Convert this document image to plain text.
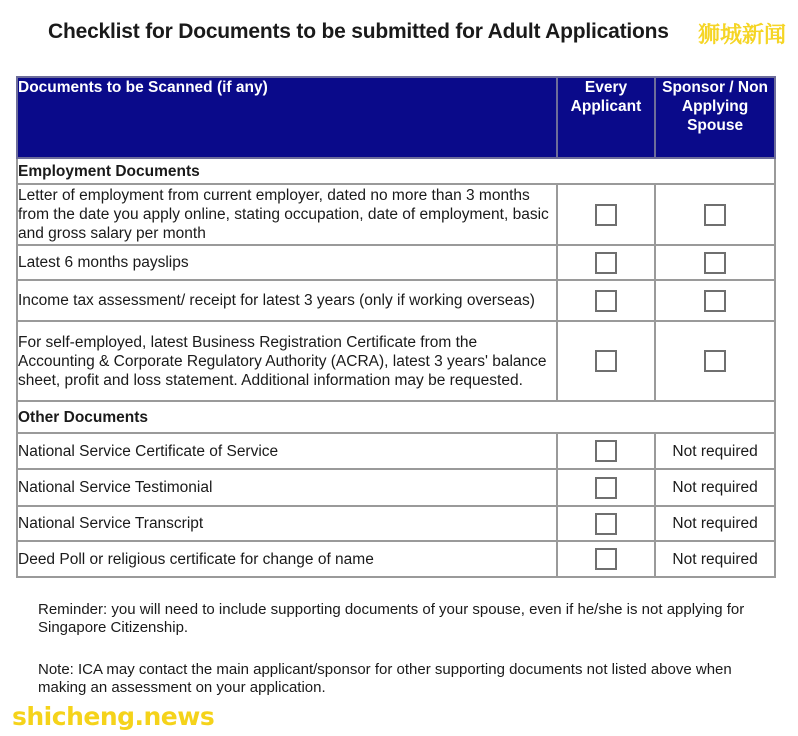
Checklist for Documents to be submitted for Adult Applications 狮城新闻
Documents to be Scanned (if any)	Every Applicant	Sponsor / Non Applying Spouse
Employment Documents		
Letter of employment from current employer, dated no more than 3 months from the date you apply online, stating occupation, date of employment, basic and gross salary per month		
Latest 6 months payslips		
Income tax assessment/ receipt for latest 3 years (only if working overseas)		
For self-employed, latest Business Registration Certificate from the Accounting & Corporate Regulatory Authority (ACRA), latest 3 years' balance sheet, profit and loss statement. Additional information may be requested.		
Other Documents		
National Service Certificate of Service		Not required
National Service Testimonial		Not required
National Service Transcript		Not required
Deed Poll or religious certificate for change of name		Not required
Reminder: you will need to include supporting documents of your spouse, even if he/she is not applying for Singapore Citizenship.
Note: ICA may contact the main applicant/sponsor for other supporting documents not listed above when making an assessment on your application.
shicheng.news
